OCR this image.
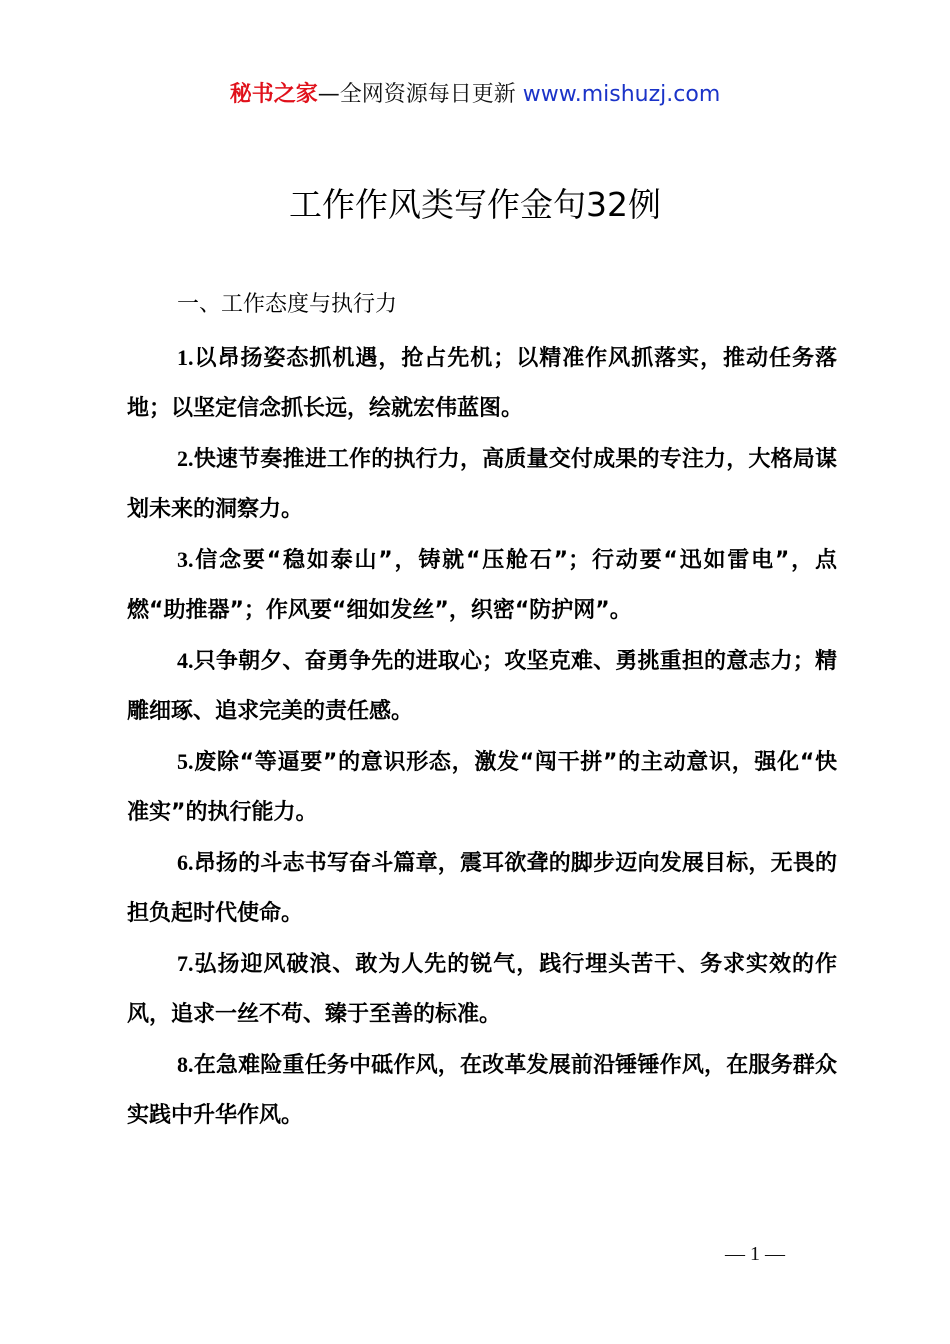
秘书之家—全网资源每日更新 www.mishuzj.com
工作作风类写作金句32例

一、工作态度与执行力

1.以昂扬姿态抓机遇，抢占先机；以精准作风抓落实，推动任务落地；以坚定信念抓长远，绘就宏伟蓝图。
2.快速节奏推进工作的执行力，高质量交付成果的专注力，大格局谋划未来的洞察力。
3.信念要“稳如泰山”，铸就“压舱石”；行动要“迅如雷电”，点燃“助推器”；作风要“细如发丝”，织密“防护网”。
4.只争朝夕、奋勇争先的进取心；攻坚克难、勇挑重担的意志力；精雕细琢、追求完美的责任感。
5.废除“等逼要”的意识形态，激发“闯干拼”的主动意识，强化“快准实”的执行能力。
6.昂扬的斗志书写奋斗篇章，震耳欲聋的脚步迈向发展目标，无畏的担负起时代使命。
7.弘扬迎风破浪、敢为人先的锐气，践行埋头苦干、务求实效的作风，追求一丝不苟、臻于至善的标准。
8.在急难险重任务中砥作风，在改革发展前沿锤锤作风，在服务群众实践中升华作风。
— 1 —
